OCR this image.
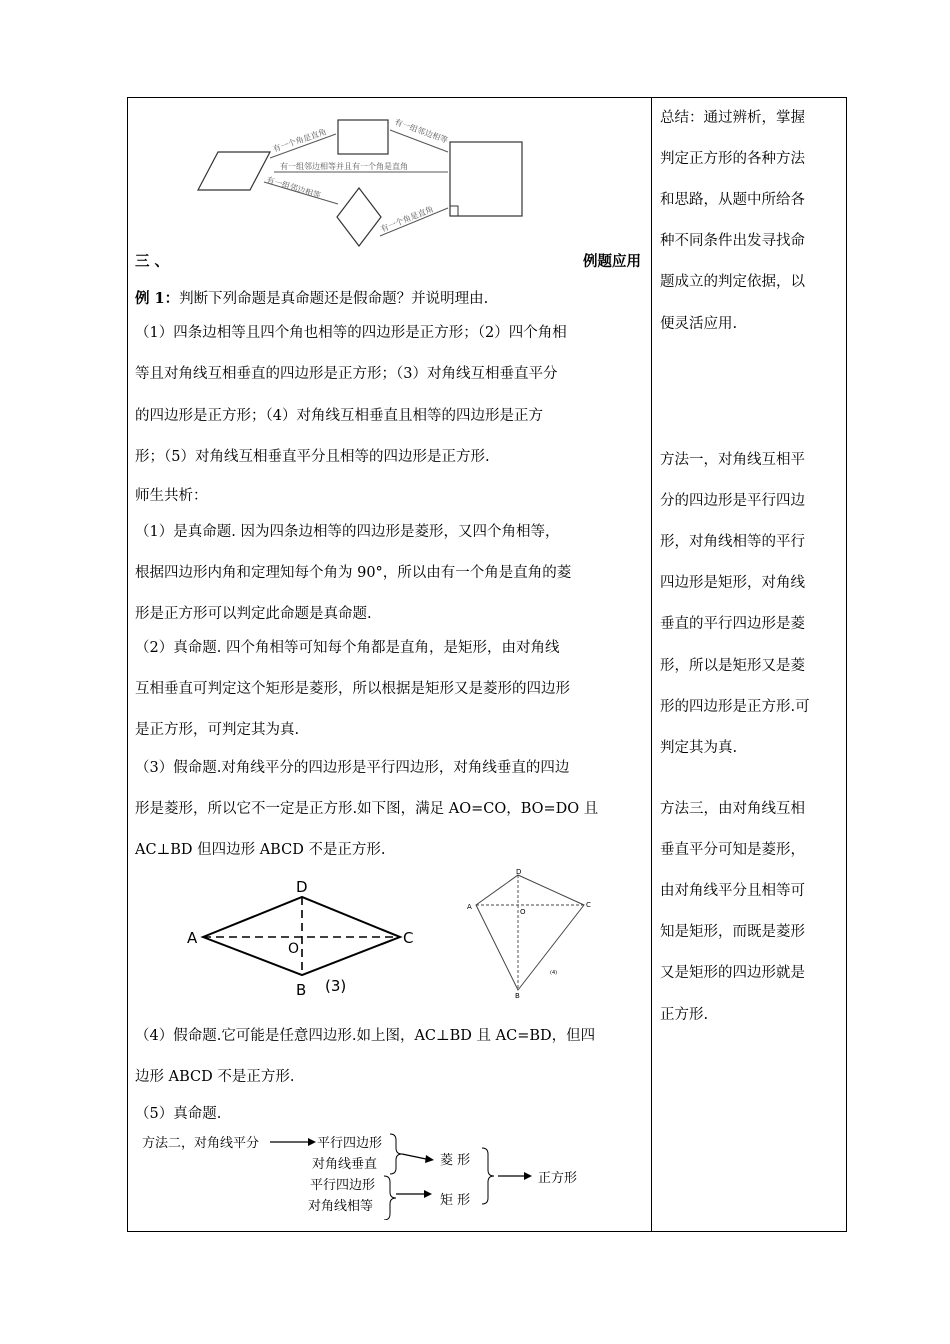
有一个角是直角	有一组邻边相等
有一组邻边相等并且有一个角是直角
有一组邻边相等
有一个角是直角
三 、	例题应用
例 1：判断下列命题是真命题还是假命题？并说明理由.
（1）四条边相等且四个角也相等的四边形是正方形；（2）四个角相
等且对角线互相垂直的四边形是正方形；（3）对角线互相垂直平分
的四边形是正方形；（4）对角线互相垂直且相等的四边形是正方
形；（5）对角线互相垂直平分且相等的四边形是正方形.
师生共析：
（1）是真命题. 因为四条边相等的四边形是菱形，又四个角相等，
根据四边形内角和定理知每个角为 90°，所以由有一个角是直角的菱
形是正方形可以判定此命题是真命题.
（2）真命题. 四个角相等可知每个角都是直角，是矩形，由对角线
互相垂直可判定这个矩形是菱形，所以根据是矩形又是菱形的四边形
是正方形，可判定其为真.
（3）假命题.对角线平分的四边形是平行四边形，对角线垂直的四边
形是菱形，所以它不一定是正方形.如下图，满足 AO=CO，BO=DO 且
AC⊥BD 但四边形 ABCD 不是正方形.
（4）假命题.它可能是任意四边形.如上图，AC⊥BD 且 AC=BD，但四
边形 ABCD 不是正方形.
（5）真命题.
A	C
D
B
O
(3)
A	C
D
B
O
(4)
方法二，对角线平分	平行四边形
对角线垂直	菱 形
平行四边形
对角线相等	矩 形
正方形
总结：通过辨析，掌握
判定正方形的各种方法
和思路，从题中所给各
种不同条件出发寻找命
题成立的判定依据，以
便灵活应用.
方法一，对角线互相平
分的四边形是平行四边
形，对角线相等的平行
四边形是矩形，对角线
垂直的平行四边形是菱
形，所以是矩形又是菱
形的四边形是正方形.可
判定其为真.
方法三，由对角线互相
垂直平分可知是菱形，
由对角线平分且相等可
知是矩形，而既是菱形
又是矩形的四边形就是
正方形.
